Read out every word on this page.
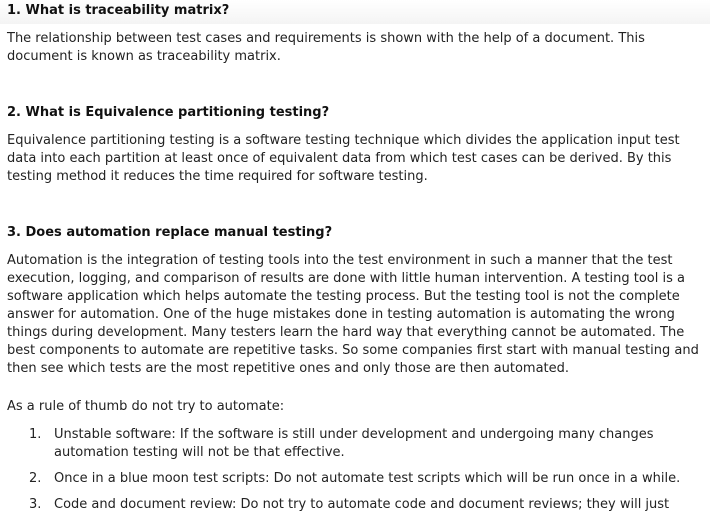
1. What is traceability matrix?

The relationship between test cases and requirements is shown with the help of a document. This
document is known as traceability matrix.

2. What is Equivalence partitioning testing?

Equivalence partitioning testing is a software testing technique which divides the application input test
data into each partition at least once of equivalent data from which test cases can be derived. By this
testing method it reduces the time required for software testing.

3. Does automation replace manual testing?

Automation is the integration of testing tools into the test environment in such a manner that the test
execution, logging, and comparison of results are done with little human intervention. A testing tool is a
software application which helps automate the testing process. But the testing tool is not the complete
answer for automation. One of the huge mistakes done in testing automation is automating the wrong
things during development. Many testers learn the hard way that everything cannot be automated. The
best components to automate are repetitive tasks. So some companies first start with manual testing and
then see which tests are the most repetitive ones and only those are then automated.

As a rule of thumb do not try to automate:

1. Unstable software: If the software is still under development and undergoing many changes
automation testing will not be that effective.
2. Once in a blue moon test scripts: Do not automate test scripts which will be run once in a while.
3. Code and document review: Do not try to automate code and document reviews; they will just
